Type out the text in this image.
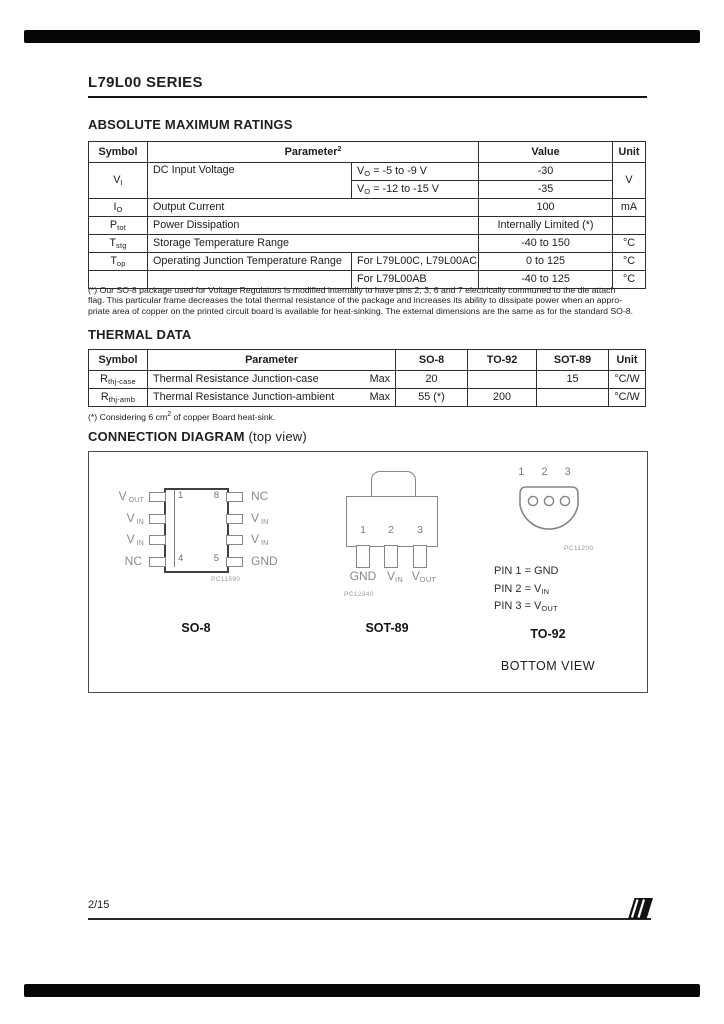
L79L00 SERIES
ABSOLUTE MAXIMUM RATINGS
Symbol	Parameter$^2$		Value	Unit
$V_I$	DC Input Voltage	$V_O = -5$ to -9 V	-30	V
		$V_O = -12$ to -15 V	-35	
$I_O$	Output Current		100	mA
$P_{tot}$	Power Dissipation		Internally Limited (*)	
$T_{stg}$	Storage Temperature Range		-40 to 150	°C
$T_{op}$	Operating Junction Temperature Range	For L79L00C, L79L00AC	0 to 125	°C
		For L79L00AB	-40 to 125	°C
(*) Our SO-8 package used for Voltage Regulators is modified internally to have pins 2, 3, 6 and 7 electrically communed to the die attach
flag. This particular frame decreases the total thermal resistance of the package and increases its ability to dissipate power when an appro-
priate area of copper on the printed circuit board is available for heat-sinking. The external dimensions are the same as for the standard SO-8.
THERMAL DATA
Symbol	Parameter	SO-8	TO-92	SOT-89	Unit
$R_{thj-case}$	Thermal Resistance Junction-case Max	20		15	°C/W
$R_{thj-amb}$	Thermal Resistance Junction-ambient Max	55 (*)	200		°C/W
(*) Considering 6 $cm^2$ of copper Board heat-sink.
CONNECTION DIAGRAM (top view)
1	8
4	5
V $_{OUT}$
V $_{IN}$
V $_{IN}$
NC
NC
V $_{IN}$
V $_{IN}$
GND
PC11590
SO-8
1	2	3
GND $V_{IN}$ $V_{OUT}$
PC12340
SOT-89
1 2 3
PC11200
PIN 1 = GND
PIN $2 = V_{IN}$
PIN $3 = V_{OUT}$
TO-92
BOTTOM VIEW
2/15
